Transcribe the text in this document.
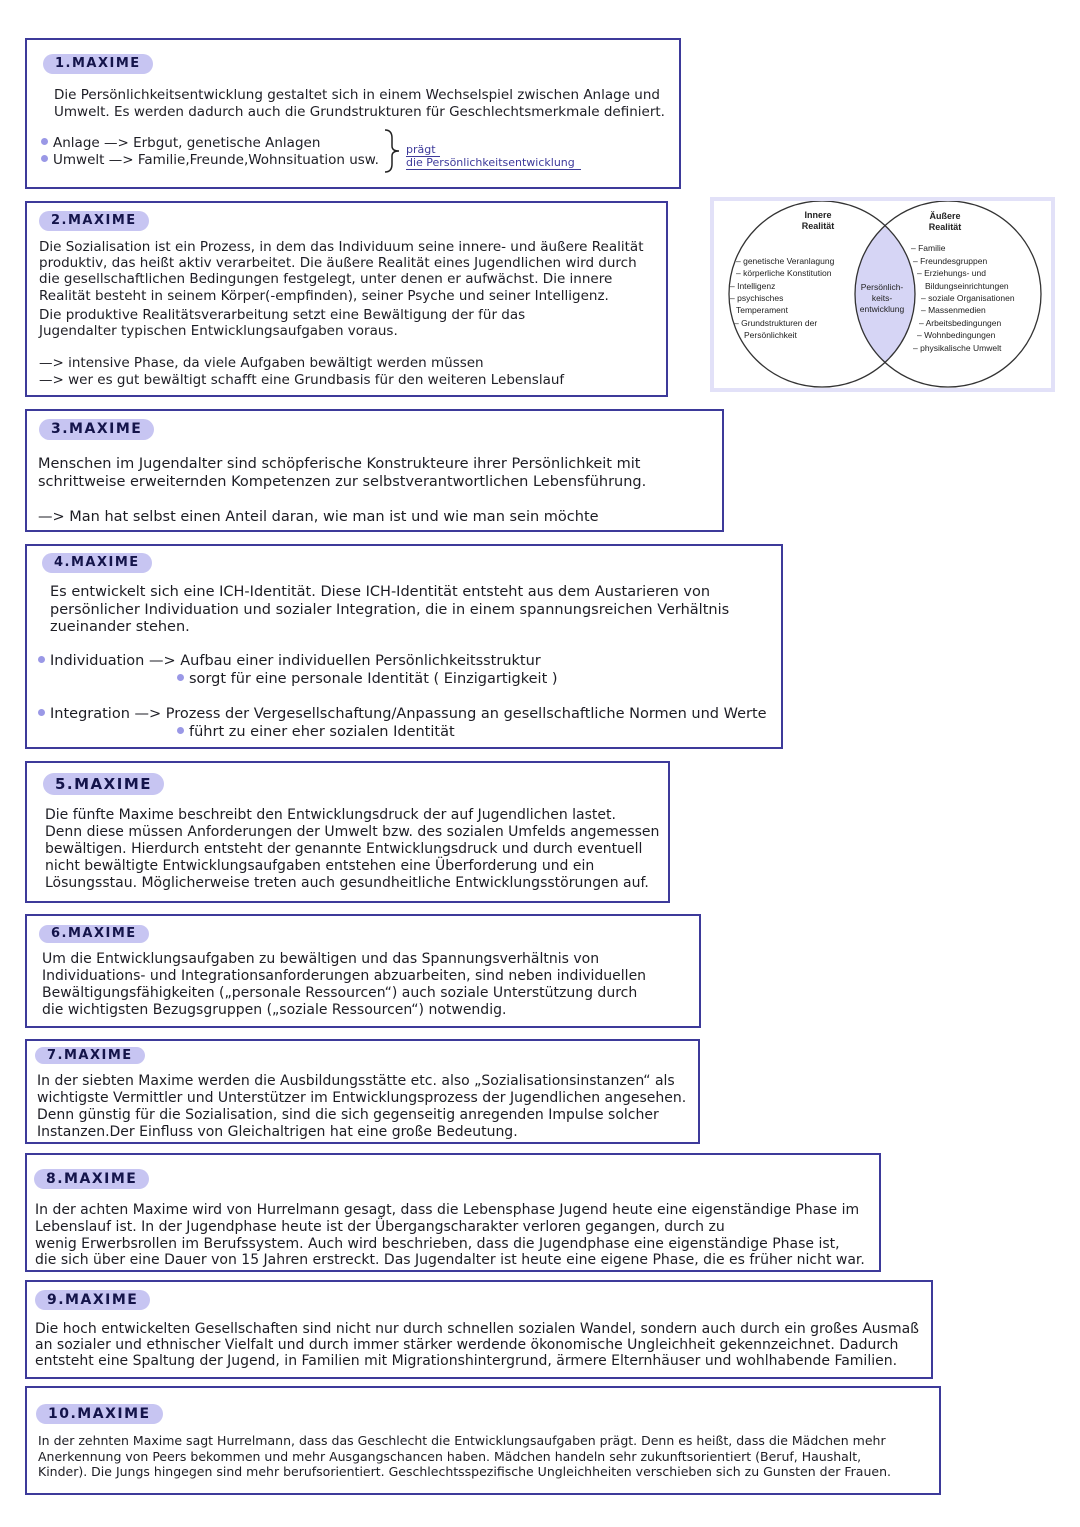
1.MAXIME
Die Persönlichkeitsentwicklung gestaltet sich in einem Wechselspiel zwischen Anlage und
Umwelt. Es werden dadurch auch die Grundstrukturen für Geschlechtsmerkmale definiert.
Anlage —> Erbgut, genetische Anlagen
Umwelt —> Familie,Freunde,Wohnsituation usw.
prägt
die Persönlichkeitsentwicklung
2.MAXIME
Die Sozialisation ist ein Prozess, in dem das Individuum seine innere- und äußere Realität
produktiv, das heißt aktiv verarbeitet. Die äußere Realität eines Jugendlichen wird durch
die gesellschaftlichen Bedingungen festgelegt, unter denen er aufwächst. Die innere
Realität besteht in seinem Körper(-empfinden), seiner Psyche und seiner Intelligenz.
Die produktive Realitätsverarbeitung setzt eine Bewältigung der für das
Jugendalter typischen Entwicklungsaufgaben voraus.
—> intensive Phase, da viele Aufgaben bewältigt werden müssen
—> wer es gut bewältigt schafft eine Grundbasis für den weiteren Lebenslauf
Innere
Realität
Äußere
Realität
– genetische Veranlagung
– körperliche Konstitution
– Intelligenz
– psychisches
Temperament
– Grundstrukturen der
Persönlichkeit
Persönlich-
keits-
entwicklung
– Familie
– Freundesgruppen
– Erziehungs- und
Bildungseinrichtungen
– soziale Organisationen
– Massenmedien
– Arbeitsbedingungen
– Wohnbedingungen
– physikalische Umwelt
3.MAXIME
Menschen im Jugendalter sind schöpferische Konstrukteure ihrer Persönlichkeit mit
schrittweise erweiternden Kompetenzen zur selbstverantwortlichen Lebensführung.
—> Man hat selbst einen Anteil daran, wie man ist und wie man sein möchte
4.MAXIME
Es entwickelt sich eine ICH-Identität. Diese ICH-Identität entsteht aus dem Austarieren von
persönlicher Individuation und sozialer Integration, die in einem spannungsreichen Verhältnis
zueinander stehen.
Individuation —> Aufbau einer individuellen Persönlichkeitsstruktur
sorgt für eine personale Identität ( Einzigartigkeit )
Integration —> Prozess der Vergesellschaftung/Anpassung an gesellschaftliche Normen und Werte
führt zu einer eher sozialen Identität
5.MAXIME
Die fünfte Maxime beschreibt den Entwicklungsdruck der auf Jugendlichen lastet.
Denn diese müssen Anforderungen der Umwelt bzw. des sozialen Umfelds angemessen
bewältigen. Hierdurch entsteht der genannte Entwicklungsdruck und durch eventuell
nicht bewältigte Entwicklungsaufgaben entstehen eine Überforderung und ein
Lösungsstau. Möglicherweise treten auch gesundheitliche Entwicklungsstörungen auf.
6.MAXIME
Um die Entwicklungsaufgaben zu bewältigen und das Spannungsverhältnis von
Individuations- und Integrationsanforderungen abzuarbeiten, sind neben individuellen
Bewältigungsfähigkeiten („personale Ressourcen“) auch soziale Unterstützung durch
die wichtigsten Bezugsgruppen („soziale Ressourcen“) notwendig.
7.MAXIME
In der siebten Maxime werden die Ausbildungsstätte etc. also „Sozialisationsinstanzen“ als
wichtigste Vermittler und Unterstützer im Entwicklungsprozess der Jugendlichen angesehen.
Denn günstig für die Sozialisation, sind die sich gegenseitig anregenden Impulse solcher
Instanzen.Der Einfluss von Gleichaltrigen hat eine große Bedeutung.
8.MAXIME
In der achten Maxime wird von Hurrelmann gesagt, dass die Lebensphase Jugend heute eine eigenständige Phase im
Lebenslauf ist. In der Jugendphase heute ist der Übergangscharakter verloren gegangen, durch zu
wenig Erwerbsrollen im Berufssystem. Auch wird beschrieben, dass die Jugendphase eine eigenständige Phase ist,
die sich über eine Dauer von 15 Jahren erstreckt. Das Jugendalter ist heute eine eigene Phase, die es früher nicht war.
9.MAXIME
Die hoch entwickelten Gesellschaften sind nicht nur durch schnellen sozialen Wandel, sondern auch durch ein großes Ausmaß
an sozialer und ethnischer Vielfalt und durch immer stärker werdende ökonomische Ungleichheit gekennzeichnet. Dadurch
entsteht eine Spaltung der Jugend, in Familien mit Migrationshintergrund, ärmere Elternhäuser und wohlhabende Familien.
10.MAXIME
In der zehnten Maxime sagt Hurrelmann, dass das Geschlecht die Entwicklungsaufgaben prägt. Denn es heißt, dass die Mädchen mehr
Anerkennung von Peers bekommen und mehr Ausgangschancen haben. Mädchen handeln sehr zukunftsorientiert (Beruf, Haushalt,
Kinder). Die Jungs hingegen sind mehr berufsorientiert. Geschlechtsspezifische Ungleichheiten verschieben sich zu Gunsten der Frauen.
